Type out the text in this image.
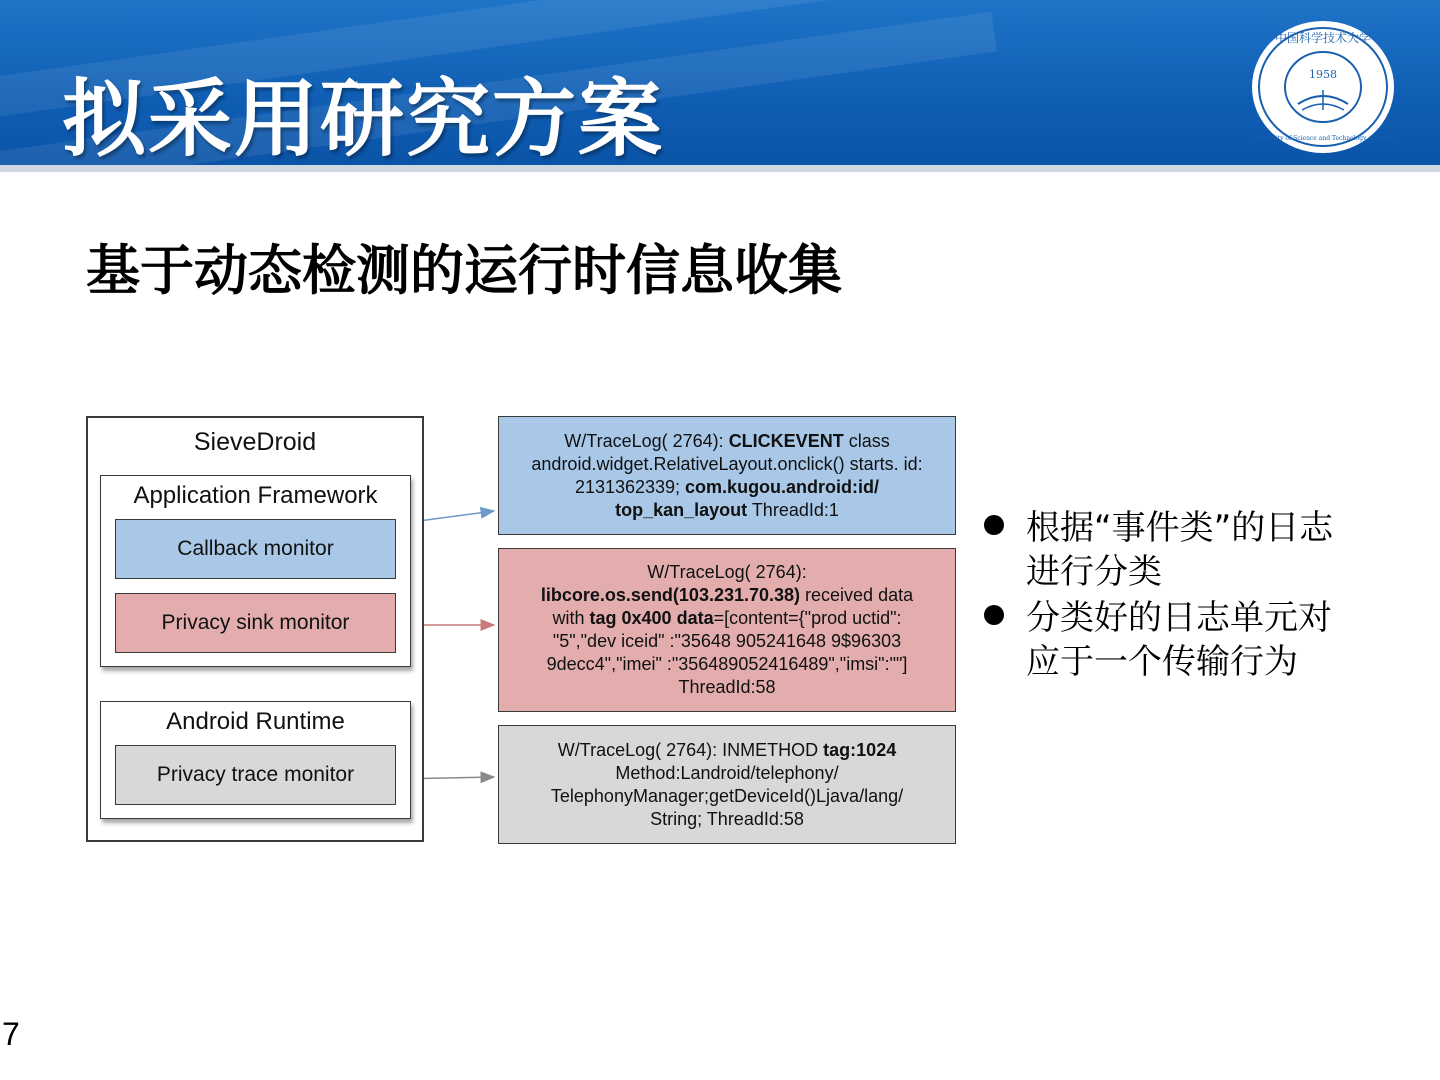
拟采用研究方案	1958
中国科学技术大学
University of Science and Technology of China
基于动态检测的运行时信息收集
SieveDroid
Application Framework
Callback monitor
Privacy sink monitor
Android Runtime
Privacy trace monitor
W/TraceLog( 2764): CLICKEVENT class
android.widget.RelativeLayout.onclick() starts. id:
2131362339; com.kugou.android:id/
top_kan_layout ThreadId:1
W/TraceLog( 2764):
libcore.os.send(103.231.70.38) received data
with tag 0x400 data=[content={"prod uctid":
"5","dev iceid" :"35648 905241648 9$96303
9decc4","imei" :"356489052416489","imsi":""]
ThreadId:58
W/TraceLog( 2764): INMETHOD tag:1024
Method:Landroid/telephony/
TelephonyManager;getDeviceId()Ljava/lang/
String; ThreadId:58
根据“事件类”的日志
进行分类
分类好的日志单元对
应于一个传输行为
7
